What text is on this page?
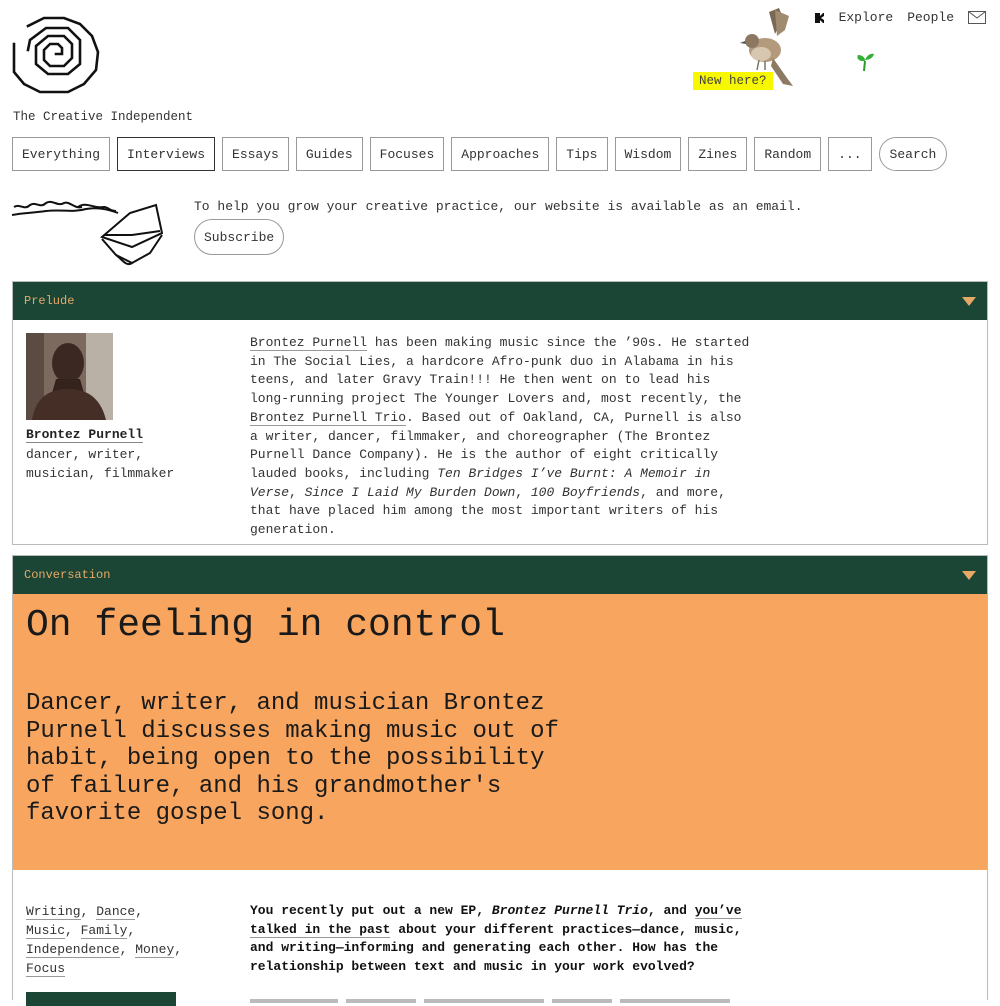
The Creative Independent
New here?
Explore People
Everything	Interviews	Essays	Guides	Focuses	Approaches	Tips	Wisdom	Zines	Random	...	Search
To help you grow your creative practice, our website is available as an email.
Subscribe
Prelude
Brontez Purnell
dancer, writer, musician, filmmaker
Brontez Purnell has been making music since the ’90s. He started in The Social Lies, a hardcore Afro-punk duo in Alabama in his teens, and later Gravy Train!!! He then went on to lead his long-running project The Younger Lovers and, most recently, the Brontez Purnell Trio. Based out of Oakland, CA, Purnell is also a writer, dancer, filmmaker, and choreographer (The Brontez Purnell Dance Company). He is the author of eight critically lauded books, including Ten Bridges I’ve Burnt: A Memoir in Verse, Since I Laid My Burden Down, 100 Boyfriends, and more, that have placed him among the most important writers of his generation.
Conversation
On feeling in control
Dancer, writer, and musician Brontez Purnell discusses making music out of habit, being open to the possibility of failure, and his grandmother's favorite gospel song.
Writing, Dance, Music, Family, Independence, Money, Focus
You recently put out a new EP, Brontez Purnell Trio, and you’ve talked in the past about your different practices—dance, music, and writing—informing and generating each other. How has the relationship between text and music in your work evolved?
